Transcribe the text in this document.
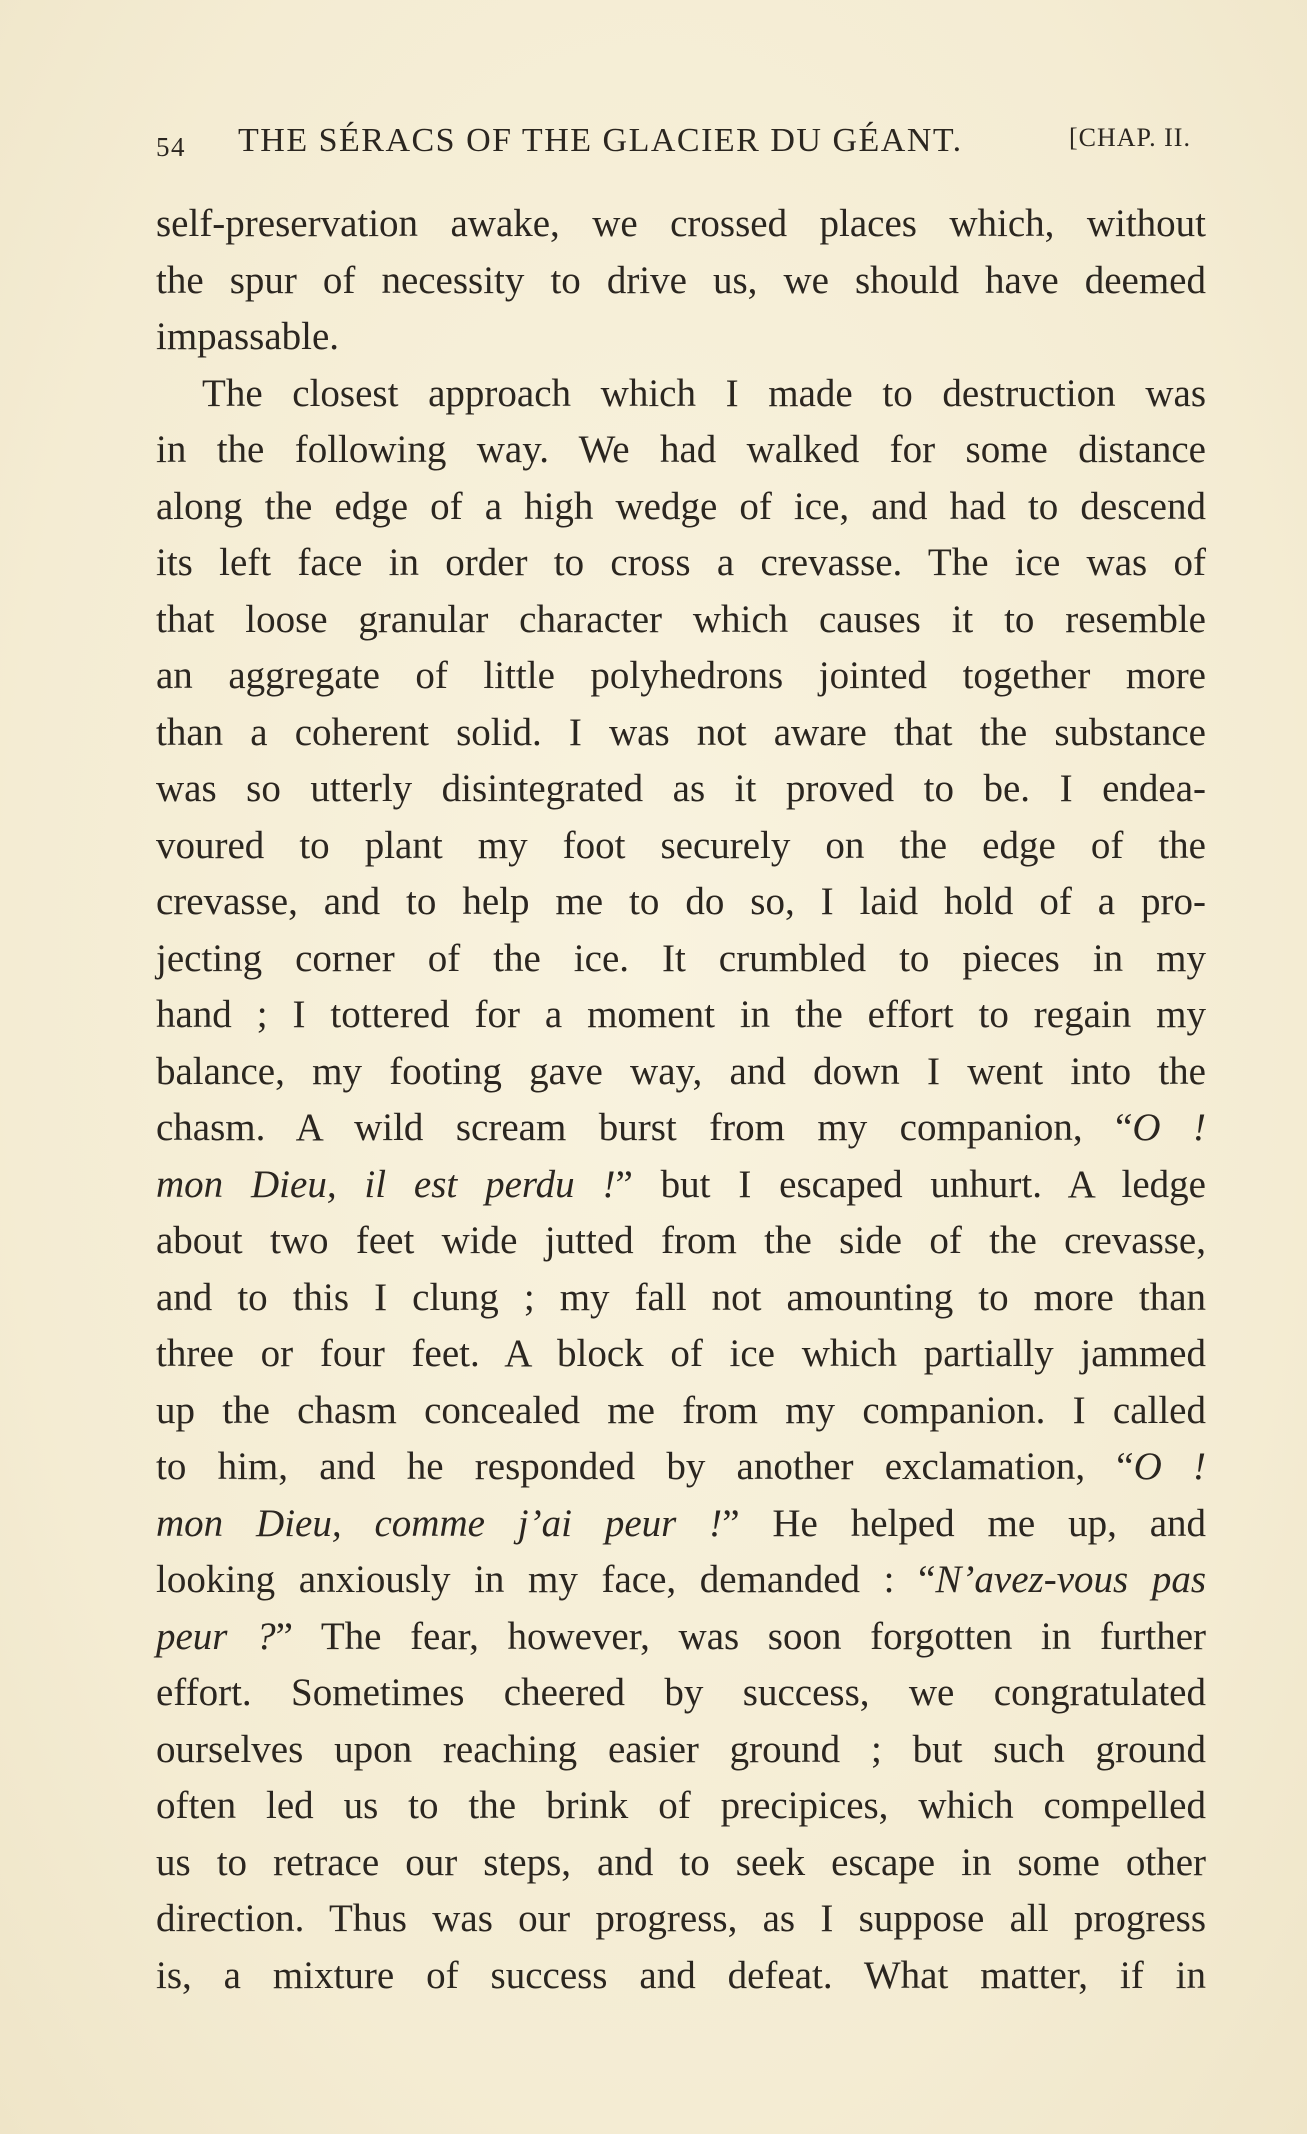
54 THE SÉRACS OF THE GLACIER DU GÉANT.	[CHAP. II.
self-preservation awake, we crossed places which, without
the spur of necessity to drive us, we should have deemed
impassable.
The closest approach which I made to destruction was
in the following way. We had walked for some distance
along the edge of a high wedge of ice, and had to descend
its left face in order to cross a crevasse. The ice was of
that loose granular character which causes it to resemble
an aggregate of little polyhedrons jointed together more
than a coherent solid. I was not aware that the substance
was so utterly disintegrated as it proved to be. I endea-
voured to plant my foot securely on the edge of the
crevasse, and to help me to do so, I laid hold of a pro-
jecting corner of the ice. It crumbled to pieces in my
hand ; I tottered for a moment in the effort to regain my
balance, my footing gave way, and down I went into the
chasm. A wild scream burst from my companion, “O !
mon Dieu, il est perdu !” but I escaped unhurt. A ledge
about two feet wide jutted from the side of the crevasse,
and to this I clung ; my fall not amounting to more than
three or four feet. A block of ice which partially jammed
up the chasm concealed me from my companion. I called
to him, and he responded by another exclamation, “O !
mon Dieu, comme j’ai peur !” He helped me up, and
looking anxiously in my face, demanded : “N’avez-vous pas
peur ?” The fear, however, was soon forgotten in further
effort. Sometimes cheered by success, we congratulated
ourselves upon reaching easier ground ; but such ground
often led us to the brink of precipices, which compelled
us to retrace our steps, and to seek escape in some other
direction. Thus was our progress, as I suppose all progress
is, a mixture of success and defeat. What matter, if in
